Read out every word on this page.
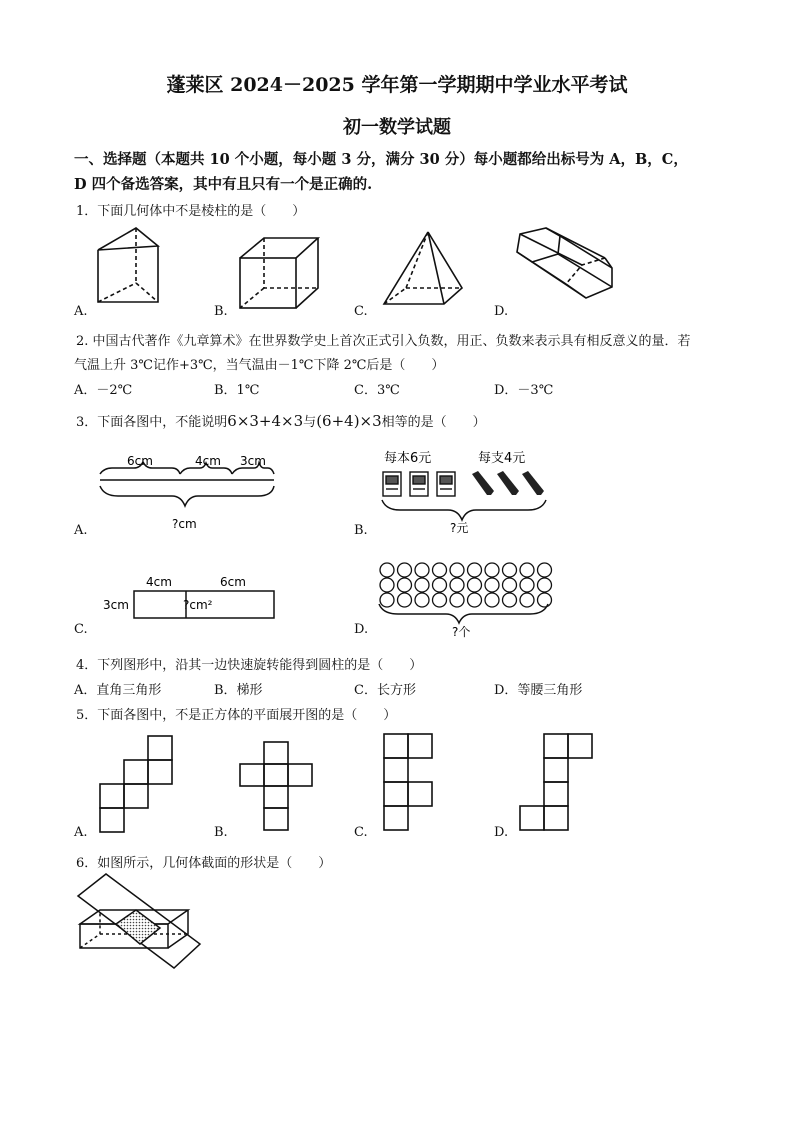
蓬莱区 2024－2025 学年第一学期期中学业水平考试
初一数学试题
一、选择题（本题共 10 个小题，每小题 3 分，满分 30 分）每小题都给出标号为 A，B，C，
D 四个备选答案，其中有且只有一个是正确的.
1．下面几何体中不是棱柱的是（　　）
A.	B.	C.	D.
2. 中国古代著作《九章算术》在世界数学史上首次正式引入负数，用正、负数来表示具有相反意义的量．若
气温上升 3℃记作+3℃，当气温由－1℃下降 2℃后是（　　）
A．－2℃	B．1℃	C．3℃	D．－3℃
3．下面各图中，不能说明6×3+4×3与(6+4)×3相等的是（　　）
6cm	4cm 3cm
?cm
A.
每本6元	每支4元
?元
B.
4cm	6cm
3cm	?cm²
C.	?个
D.
4．下列图形中，沿其一边快速旋转能得到圆柱的是（　　）
A．直角三角形	B．梯形	C．长方形	D．等腰三角形
5．下面各图中，不是正方体的平面展开图的是（　　）
A.	B.	C.	D.
6．如图所示，几何体截面的形状是（　　）
